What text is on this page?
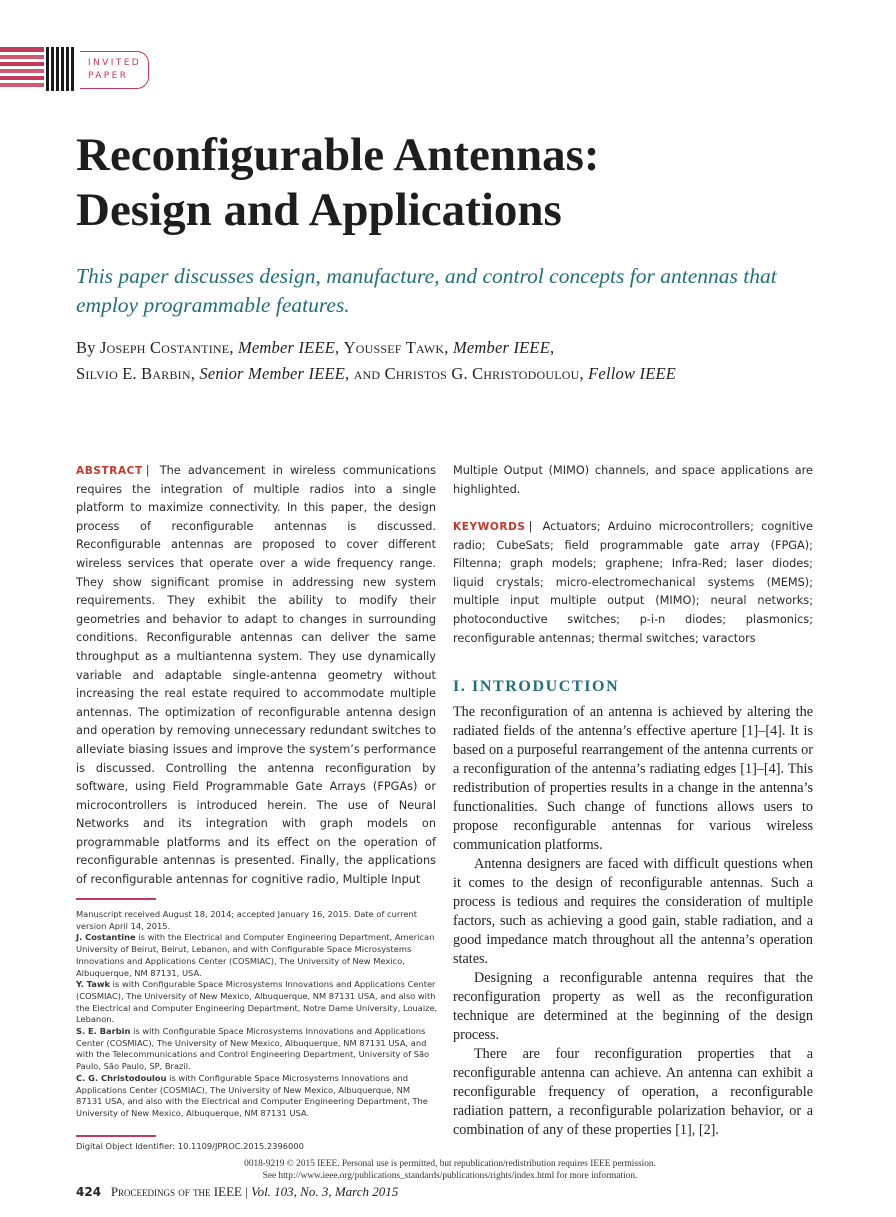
INVITED
PAPER
Reconfigurable Antennas:
Design and Applications
This paper discusses design, manufacture, and control concepts for antennas that employ programmable features.
By Joseph Costantine, Member IEEE, Youssef Tawk, Member IEEE,
Silvio E. Barbin, Senior Member IEEE, and Christos G. Christodoulou, Fellow IEEE
ABSTRACT | The advancement in wireless communications requires the integration of multiple radios into a single platform to maximize connectivity. In this paper, the design process of reconfigurable antennas is discussed. Reconfigurable antennas are proposed to cover different wireless services that operate over a wide frequency range. They show significant promise in addressing new system requirements. They exhibit the ability to modify their geometries and behavior to adapt to changes in surrounding conditions. Reconfigurable antennas can deliver the same throughput as a multiantenna system. They use dynamically variable and adaptable single-antenna geometry without increasing the real estate required to accommodate multiple antennas. The optimization of reconfigurable antenna design and operation by removing unnecessary redundant switches to alleviate biasing issues and improve the system’s performance is discussed. Controlling the antenna reconfiguration by software, using Field Programmable Gate Arrays (FPGAs) or microcontrollers is introduced herein. The use of Neural Networks and its integration with graph models on programmable platforms and its effect on the operation of reconfigurable antennas is presented. Finally, the applications of reconfigurable antennas for cognitive radio, Multiple Input

Manuscript received August 18, 2014; accepted January 16, 2015. Date of current version April 14, 2015.

J. Costantine is with the Electrical and Computer Engineering Department, American University of Beirut, Beirut, Lebanon, and with Configurable Space Microsystems Innovations and Applications Center (COSMIAC), The University of New Mexico, Albuquerque, NM 87131, USA.

Y. Tawk is with Configurable Space Microsystems Innovations and Applications Center (COSMIAC), The University of New Mexico, Albuquerque, NM 87131 USA, and also with the Electrical and Computer Engineering Department, Notre Dame University, Louaize, Lebanon.

S. E. Barbin is with Configurable Space Microsystems Innovations and Applications Center (COSMIAC), The University of New Mexico, Albuquerque, NM 87131 USA, and with the Telecommunications and Control Engineering Department, University of São Paulo, São Paulo, SP, Brazil.

C. G. Christodoulou is with Configurable Space Microsystems Innovations and Applications Center (COSMIAC), The University of New Mexico, Albuquerque, NM 87131 USA, and also with the Electrical and Computer Engineering Department, The University of New Mexico, Albuquerque, NM 87131 USA.

Digital Object Identifier: 10.1109/JPROC.2015.2396000
Multiple Output (MIMO) channels, and space applications are highlighted.
KEYWORDS | Actuators; Arduino microcontrollers; cognitive radio; CubeSats; field programmable gate array (FPGA); Filtenna; graph models; graphene; Infra-Red; laser diodes; liquid crystals; micro-electromechanical systems (MEMS); multiple input multiple output (MIMO); neural networks; photoconductive switches; p-i-n diodes; plasmonics; reconfigurable antennas; thermal switches; varactors
I. INTRODUCTION

The reconfiguration of an antenna is achieved by altering the radiated fields of the antenna’s effective aperture [1]–[4]. It is based on a purposeful rearrangement of the antenna currents or a reconfiguration of the antenna’s radiating edges [1]–[4]. This redistribution of properties results in a change in the antenna’s functionalities. Such change of functions allows users to propose reconfigurable antennas for various wireless communication platforms.

Antenna designers are faced with difficult questions when it comes to the design of reconfigurable antennas. Such a process is tedious and requires the consideration of multiple factors, such as achieving a good gain, stable radiation, and a good impedance match throughout all the antenna’s operation states.

Designing a reconfigurable antenna requires that the reconfiguration property as well as the reconfiguration technique are determined at the beginning of the design process.

There are four reconfiguration properties that a reconfigurable antenna can achieve. An antenna can exhibit a reconfigurable frequency of operation, a reconfigurable radiation pattern, a reconfigurable polarization behavior, or a combination of any of these properties [1], [2].

0018-9219 © 2015 IEEE. Personal use is permitted, but republication/redistribution requires IEEE permission.
See http://www.ieee.org/publications_standards/publications/rights/index.html for more information.
424 Proceedings of the IEEE | Vol. 103, No. 3, March 2015
